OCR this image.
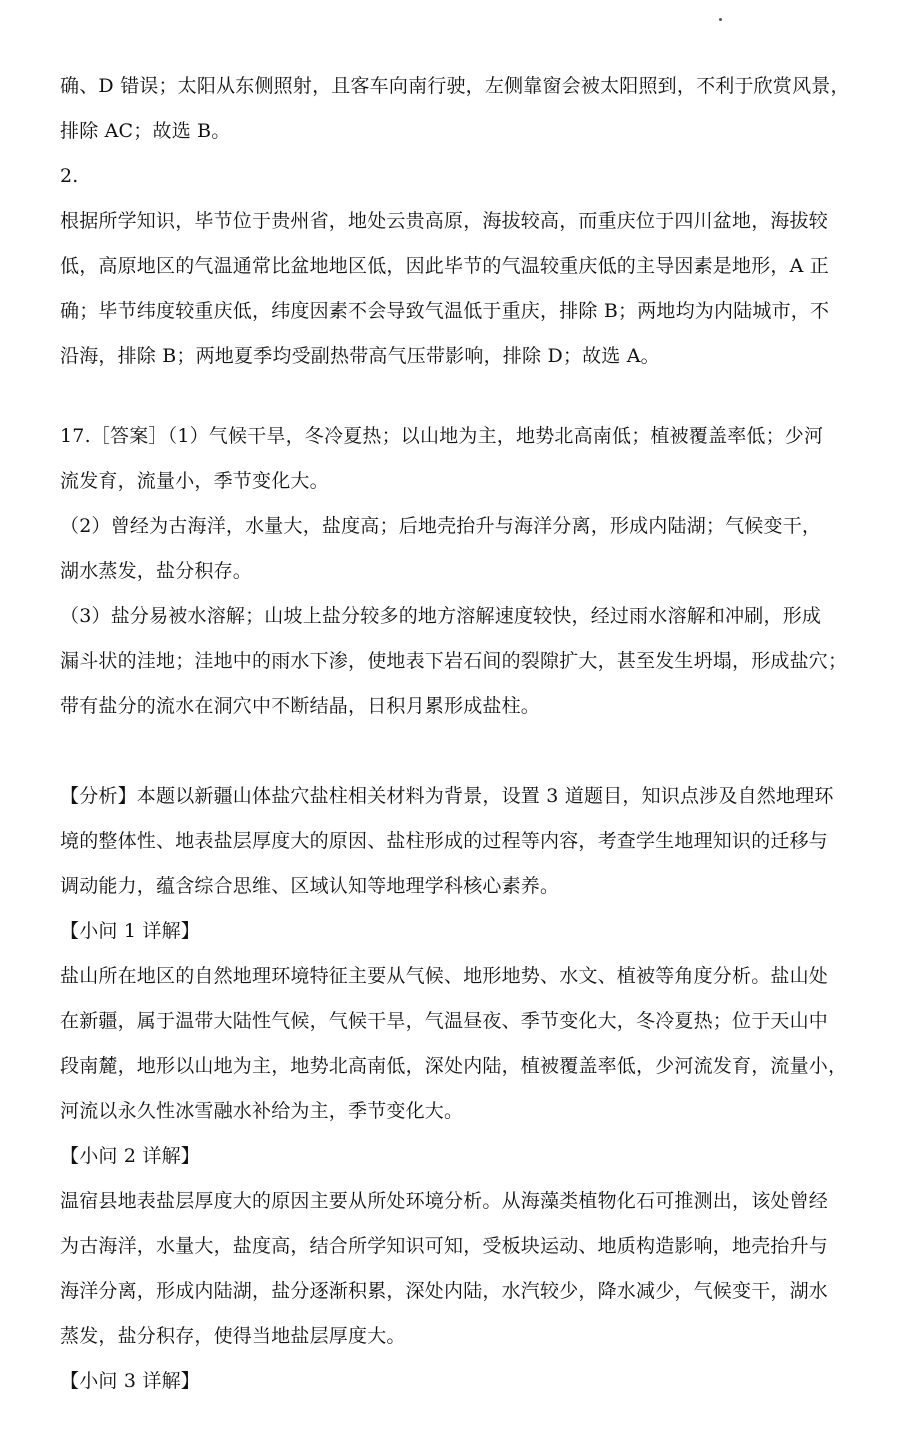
确、D 错误；太阳从东侧照射，且客车向南行驶，左侧靠窗会被太阳照到，不利于欣赏风景，
排除 AC；故选 B。
2.
根据所学知识，毕节位于贵州省，地处云贵高原，海拔较高，而重庆位于四川盆地，海拔较
低，高原地区的气温通常比盆地地区低，因此毕节的气温较重庆低的主导因素是地形，A 正
确；毕节纬度较重庆低，纬度因素不会导致气温低于重庆，排除 B；两地均为内陆城市，不
沿海，排除 B；两地夏季均受副热带高气压带影响，排除 D；故选 A。
17.［答案］（1）气候干旱，冬冷夏热；以山地为主，地势北高南低；植被覆盖率低；少河
流发育，流量小，季节变化大。
（2）曾经为古海洋，水量大，盐度高；后地壳抬升与海洋分离，形成内陆湖；气候变干，
湖水蒸发，盐分积存。
（3）盐分易被水溶解；山坡上盐分较多的地方溶解速度较快，经过雨水溶解和冲刷，形成
漏斗状的洼地；洼地中的雨水下渗，使地表下岩石间的裂隙扩大，甚至发生坍塌，形成盐穴；
带有盐分的流水在洞穴中不断结晶，日积月累形成盐柱。
【分析】本题以新疆山体盐穴盐柱相关材料为背景，设置 3 道题目，知识点涉及自然地理环
境的整体性、地表盐层厚度大的原因、盐柱形成的过程等内容，考查学生地理知识的迁移与
调动能力，蕴含综合思维、区域认知等地理学科核心素养。
【小问 1 详解】
盐山所在地区的自然地理环境特征主要从气候、地形地势、水文、植被等角度分析。盐山处
在新疆，属于温带大陆性气候，气候干旱，气温昼夜、季节变化大，冬冷夏热；位于天山中
段南麓，地形以山地为主，地势北高南低，深处内陆，植被覆盖率低，少河流发育，流量小，
河流以永久性冰雪融水补给为主，季节变化大。
【小问 2 详解】
温宿县地表盐层厚度大的原因主要从所处环境分析。从海藻类植物化石可推测出，该处曾经
为古海洋，水量大，盐度高，结合所学知识可知，受板块运动、地质构造影响，地壳抬升与
海洋分离，形成内陆湖，盐分逐渐积累，深处内陆，水汽较少，降水减少，气候变干，湖水
蒸发，盐分积存，使得当地盐层厚度大。
【小问 3 详解】
